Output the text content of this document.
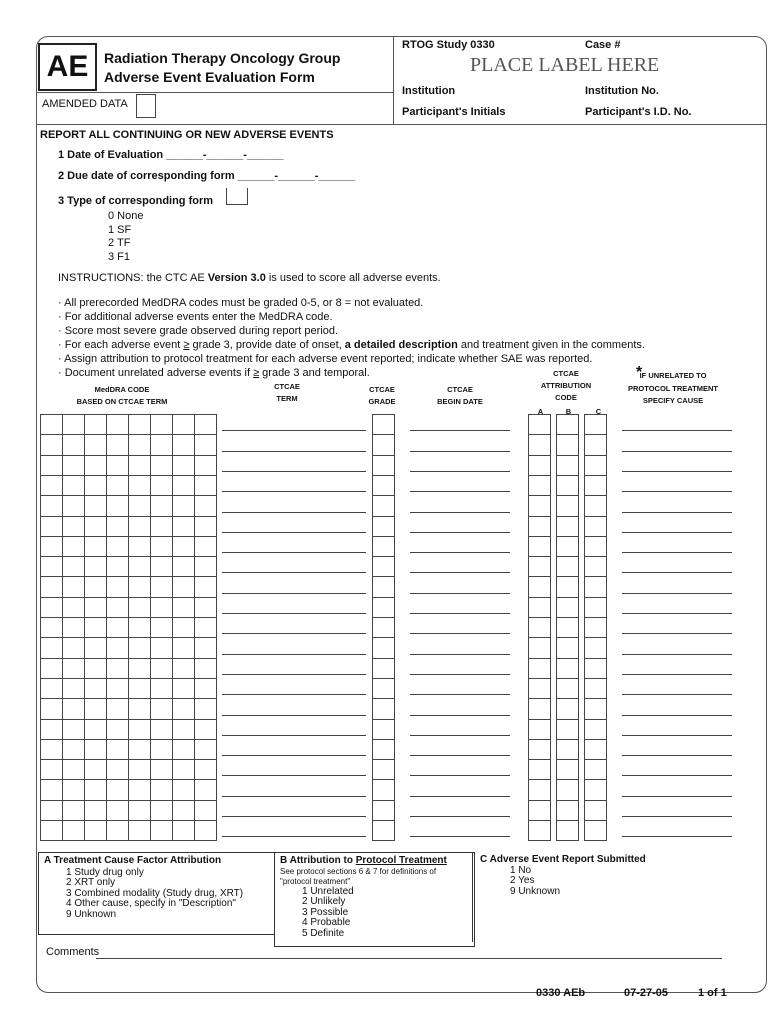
AE	Radiation Therapy Oncology Group
Adverse Event Evaluation Form
AMENDED DATA
RTOG Study 0330	Case #
PLACE LABEL HERE
Institution	Institution No.
Participant's Initials	Participant's I.D. No.
REPORT ALL CONTINUING OR NEW ADVERSE EVENTS
1 Date of Evaluation ______-______-______
2 Due date of corresponding form ______-______-______
3 Type of corresponding form
0 None
1 SF
2 TF
3 F1
INSTRUCTIONS: the CTC AE Version 3.0 is used to score all adverse events.
· All prerecorded MedDRA codes must be graded 0-5, or 8 = not evaluated.
· For additional adverse events enter the MedDRA code.
· Score most severe grade observed during report period.
· For each adverse event ≥ grade 3, provide date of onset, a detailed description and treatment given in the comments.
· Assign attribution to protocol treatment for each adverse event reported; indicate whether SAE was reported.
· Document unrelated adverse events if ≥ grade 3 and temporal.
MedDRA CODE
BASED ON CTCAE TERM
CTCAE
TERM
CTCAE
GRADE
CTCAE
BEGIN DATE
CTCAE
ATTRIBUTION
CODE
A	B	C
*
IF UNRELATED TO
PROTOCOL TREATMENT
SPECIFY CAUSE
A Treatment Cause Factor Attribution
1 Study drug only
2 XRT only
3 Combined modality (Study drug, XRT)
4 Other cause, specify in "Description"
9 Unknown
B Attribution to Protocol Treatment
See protocol sections 6 & 7 for definitions of
"protocol treatment"
1 Unrelated
2 Unlikely
3 Possible
4 Probable
5 Definite
C Adverse Event Report Submitted
1 No
2 Yes
9 Unknown
Comments
0330 AEb	07-27-05	1 of 1
